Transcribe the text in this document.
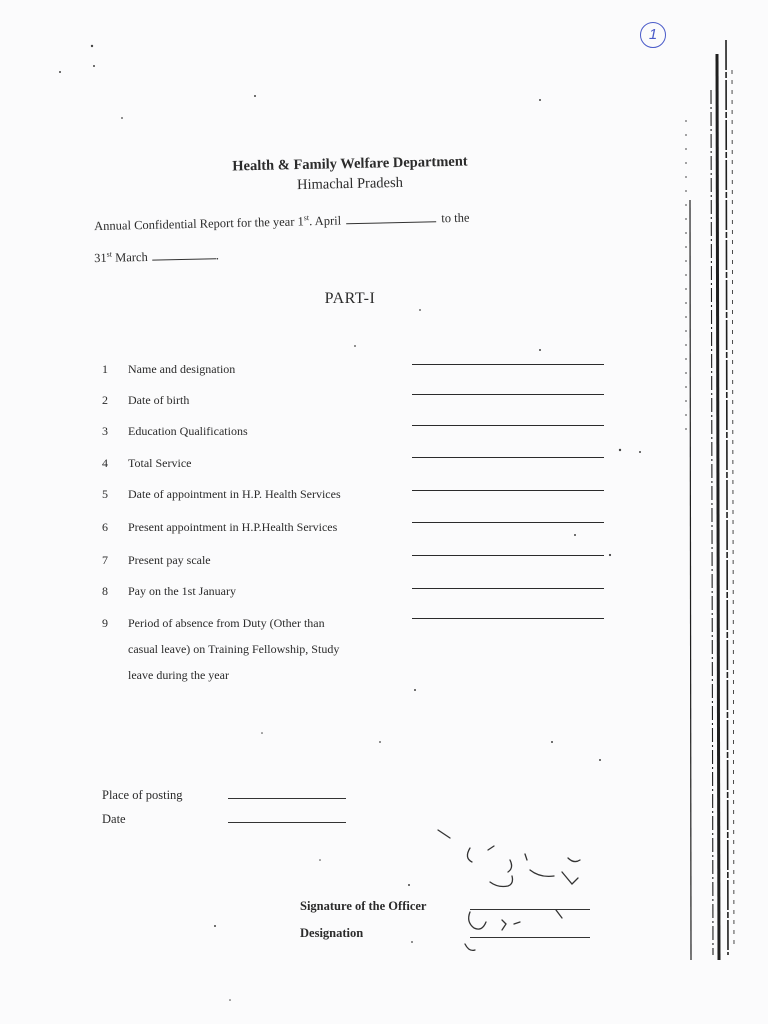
1
Health & Family Welfare Department
Himachal Pradesh
Annual Confidential Report for the year 1st. April	to the
31st March	.
PART-I
1	Name and designation
2	Date of birth
3	Education Qualifications
4	Total Service
5	Date of appointment in H.P. Health Services
6	Present appointment in H.P.Health Services
7	Present pay scale
8	Pay on the 1st January
9	Period of absence from Duty (Other than
casual leave) on Training Fellowship, Study
leave during the year
Place of posting
Date
Signature of the Officer
Designation
